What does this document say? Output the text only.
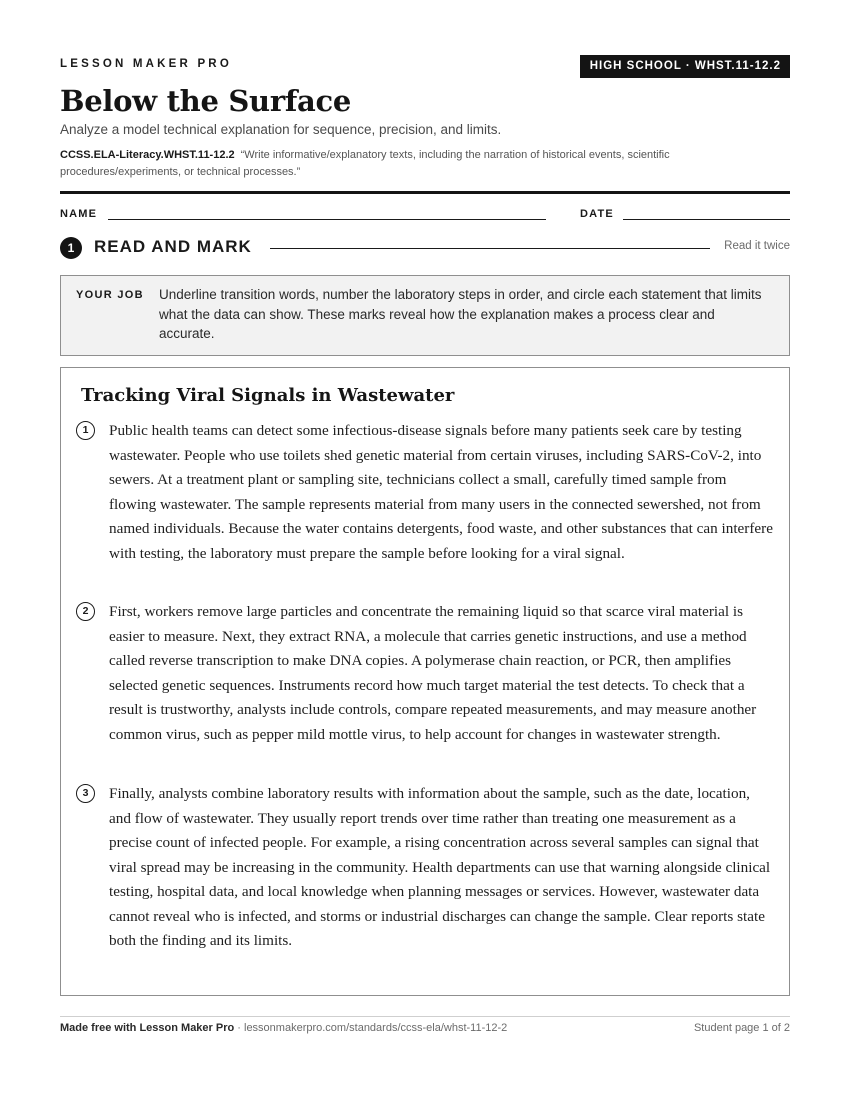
LESSON MAKER PRO	HIGH SCHOOL · WHST.11-12.2
Below the Surface
Analyze a model technical explanation for sequence, precision, and limits.
CCSS.ELA-Literacy.WHST.11-12.2 “Write informative/explanatory texts, including the narration of historical events, scientific procedures/experiments, or technical processes.”
NAME	DATE
1	READ AND MARK	Read it twice
YOUR JOB Underline transition words, number the laboratory steps in order, and circle each statement that limits what the data can show. These marks reveal how the explanation makes a process clear and accurate.
Tracking Viral Signals in Wastewater
1	Public health teams can detect some infectious-disease signals before many patients seek care by testing wastewater. People who use toilets shed genetic material from certain viruses, including SARS-CoV-2, into sewers. At a treatment plant or sampling site, technicians collect a small, carefully timed sample from flowing wastewater. The sample represents material from many users in the connected sewershed, not from named individuals. Because the water contains detergents, food waste, and other substances that can interfere with testing, the laboratory must prepare the sample before looking for a viral signal.

2	First, workers remove large particles and concentrate the remaining liquid so that scarce viral material is easier to measure. Next, they extract RNA, a molecule that carries genetic instructions, and use a method called reverse transcription to make DNA copies. A polymerase chain reaction, or PCR, then amplifies selected genetic sequences. Instruments record how much target material the test detects. To check that a result is trustworthy, analysts include controls, compare repeated measurements, and may measure another common virus, such as pepper mild mottle virus, to help account for changes in wastewater strength.

3	Finally, analysts combine laboratory results with information about the sample, such as the date, location, and flow of wastewater. They usually report trends over time rather than treating one measurement as a precise count of infected people. For example, a rising concentration across several samples can signal that viral spread may be increasing in the community. Health departments can use that warning alongside clinical testing, hospital data, and local knowledge when planning messages or services. However, wastewater data cannot reveal who is infected, and storms or industrial discharges can change the sample. Clear reports state both the finding and its limits.

Made free with Lesson Maker Pro · lessonmakerpro.com/standards/ccss-ela/whst-11-12-2	Student page 1 of 2
